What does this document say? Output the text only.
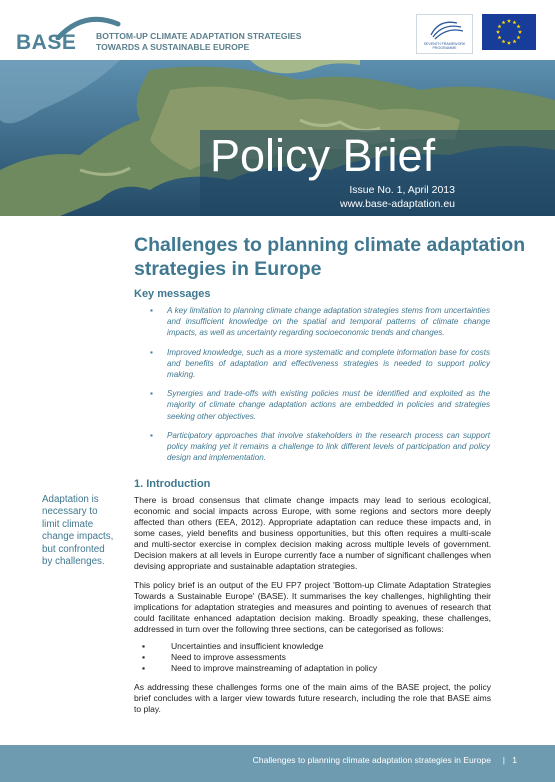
BASE BOTTOM-UP CLIMATE ADAPTATION STRATEGIES
TOWARDS A SUSTAINABLE EUROPE	SEVENTH FRAMEWORK
PROGRAMME
Policy Brief
Issue No. 1, April 2013
www.base-adaptation.eu
Challenges to planning climate adaptation strategies in Europe
Key messages
▪ A key limitation to planning climate change adaptation strategies stems from uncertainties and insufficient knowledge on the spatial and temporal patterns of climate change impacts, as well as uncertainty regarding socioeconomic trends and changes.
▪ Improved knowledge, such as a more systematic and complete information base for costs and benefits of adaptation and effectiveness strategies is needed to support policy making.
▪ Synergies and trade-offs with existing policies must be identified and exploited as the majority of climate change adaptation actions are embedded in policies and strategies seeking other objectives.
▪ Participatory approaches that involve stakeholders in the research process can support policy making yet it remains a challenge to link different levels of participation and policy design and implementation.
1. Introduction
Adaptation is necessary to limit climate change impacts, but confronted by challenges.

There is broad consensus that climate change impacts may lead to serious ecological, economic and social impacts across Europe, with some regions and sectors more deeply affected than others (EEA, 2012). Appropriate adaptation can reduce these impacts and, in some cases, yield benefits and business opportunities, but this often requires a multi-scale and multi-sector exercise in complex decision making across multiple levels of government. Decision makers at all levels in Europe currently face a number of significant challenges when devising appropriate and sustainable adaptation strategies.

This policy brief is an output of the EU FP7 project 'Bottom-up Climate Adaptation Strategies Towards a Sustainable Europe' (BASE). It summarises the key challenges, highlighting their implications for adaptation strategies and measures and pointing to avenues of research that could facilitate enhanced adaptation decision making. Broadly speaking, these challenges, addressed in turn over the following three sections, can be categorised as follows:

▪	Uncertainties and insufficient knowledge
▪	Need to improve assessments
▪	Need to improve mainstreaming of adaptation in policy

As addressing these challenges forms one of the main aims of the BASE project, the policy brief concludes with a larger view towards future research, including the role that BASE aims to play.

Challenges to planning climate adaptation strategies in Europe | 1
